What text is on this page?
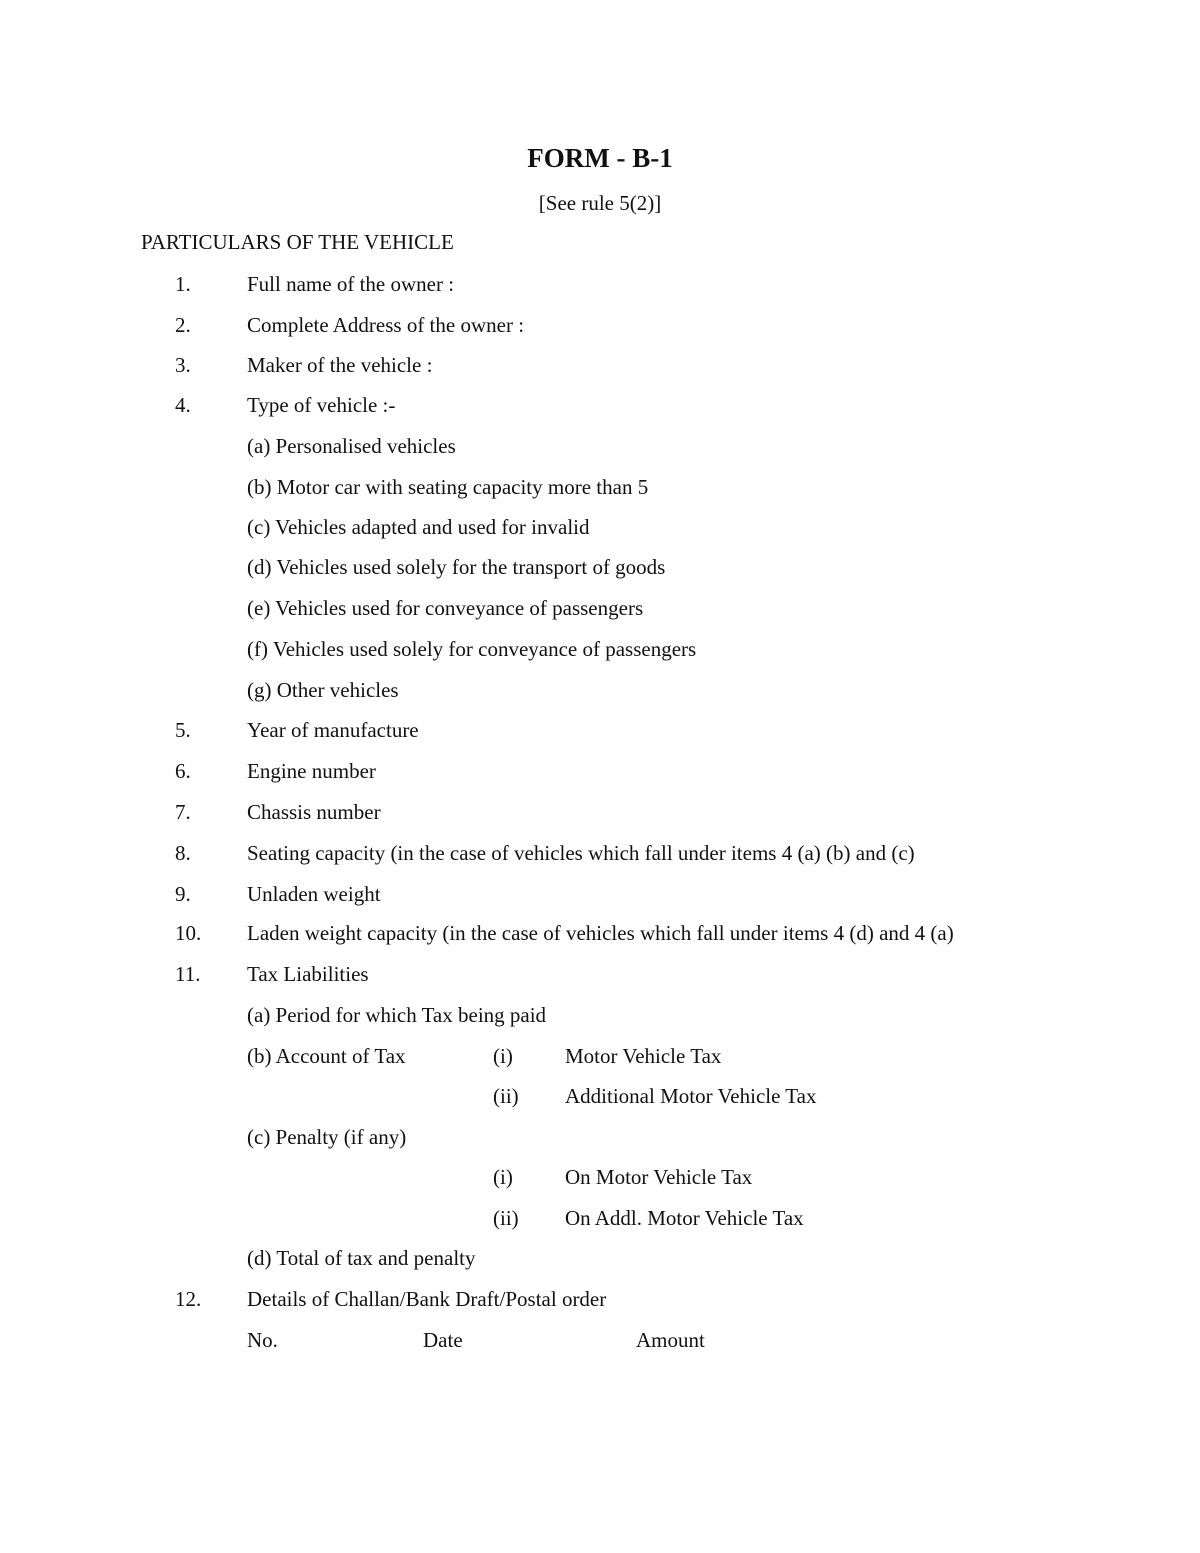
FORM - B-1
[See rule 5(2)]
PARTICULARS OF THE VEHICLE
1.	Full name of the owner :
2.	Complete Address of the owner :
3.	Maker of the vehicle :
4.	Type of vehicle :-
(a) Personalised vehicles
(b) Motor car with seating capacity more than 5
(c) Vehicles adapted and used for invalid
(d) Vehicles used solely for the transport of goods
(e) Vehicles used for conveyance of passengers
(f) Vehicles used solely for conveyance of passengers
(g) Other vehicles
5.	Year of manufacture
6.	Engine number
7.	Chassis number
8.	Seating capacity (in the case of vehicles which fall under items 4 (a) (b) and (c)
9.	Unladen weight
10. Laden weight capacity (in the case of vehicles which fall under items 4 (d) and 4 (a)
11. Tax Liabilities
(a) Period for which Tax being paid
(b) Account of Tax	(i) Motor Vehicle Tax
(ii) Additional Motor Vehicle Tax
(c) Penalty (if any)
(i) On Motor Vehicle Tax
(ii) On Addl. Motor Vehicle Tax
(d) Total of tax and penalty
12. Details of Challan/Bank Draft/Postal order
No.	Date	Amount
